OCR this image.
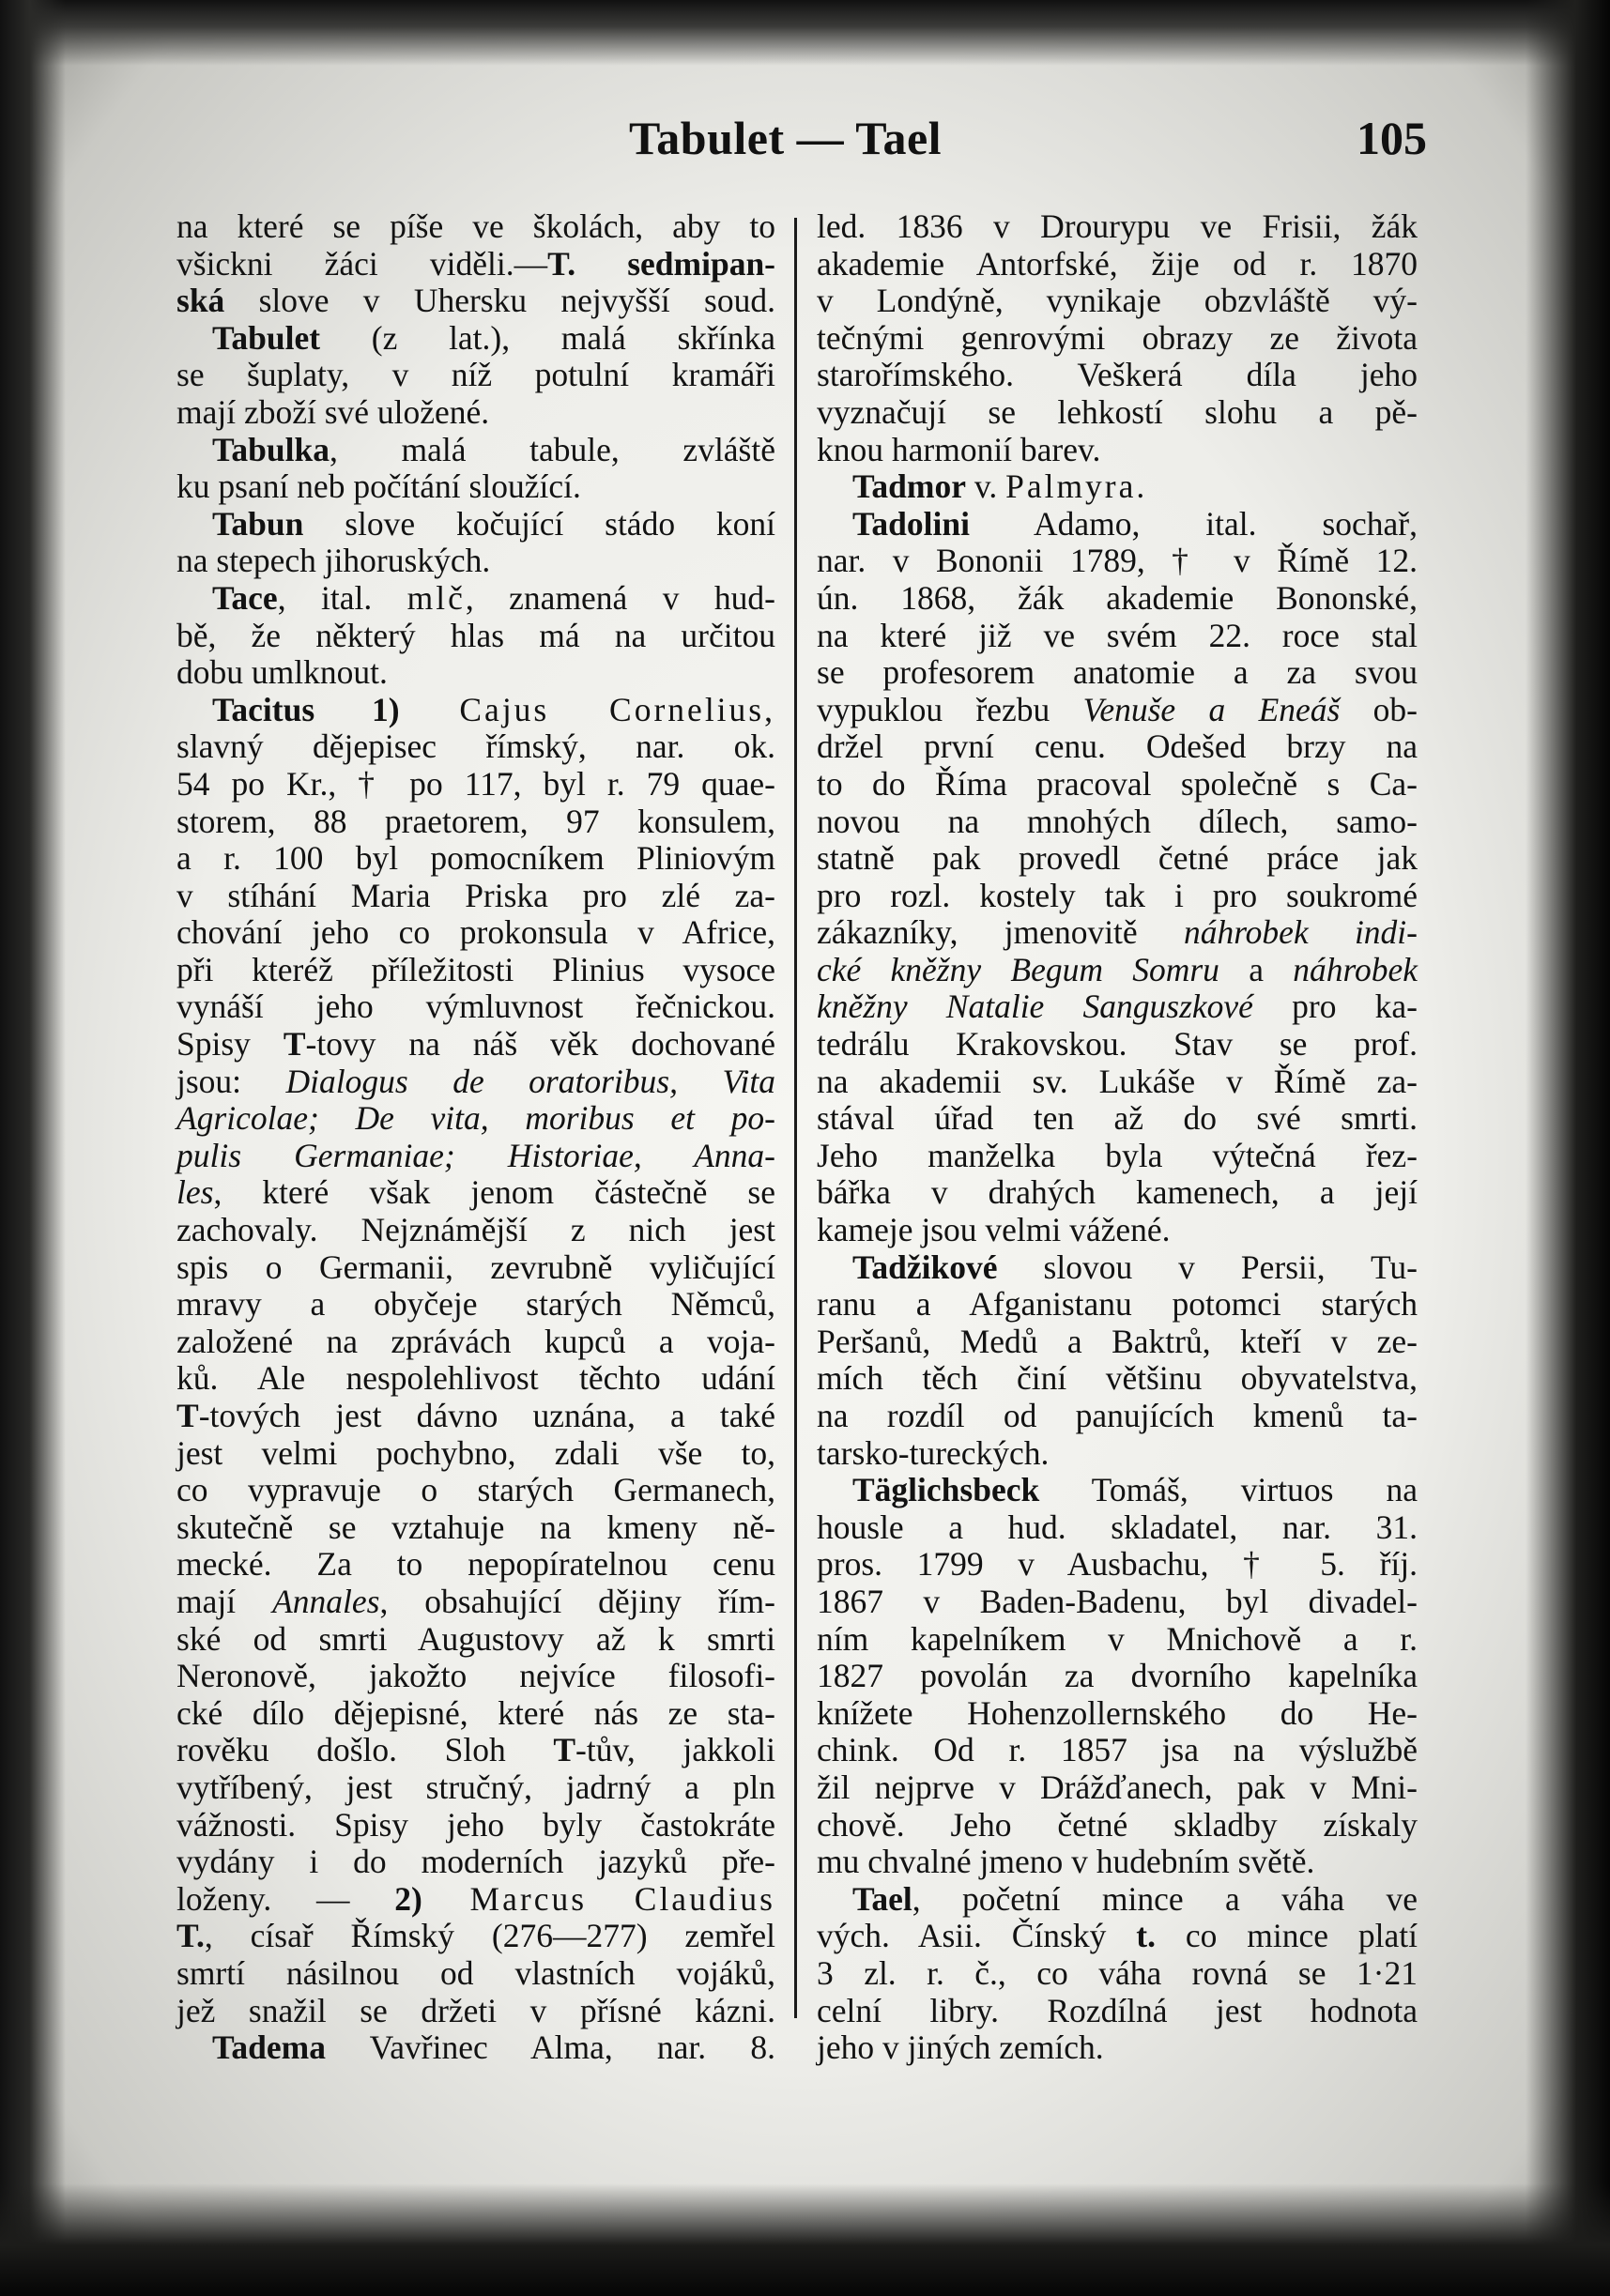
Tabulet — Tael	105
na které se píše ve školách, aby to
všickni žáci viděli.—T. sedmipan-
ská slove v Uhersku nejvyšší soud.
Tabulet (z lat.), malá skřínka
se šuplaty, v níž potulní kramáři
mají zboží své uložené.
Tabulka, malá tabule, zvláště
ku psaní neb počítání sloužící.
Tabun slove kočující stádo koní
na stepech jihoruských.
Tace, ital. mlč, znamená v hud-
bě, že některý hlas má na určitou
dobu umlknout.
Tacitus 1) Cajus Cornelius,
slavný dějepisec římský, nar. ok.
54 po Kr., † po 117, byl r. 79 quae-
storem, 88 praetorem, 97 konsulem,
a r. 100 byl pomocníkem Pliniovým
v stíhání Maria Priska pro zlé za-
chování jeho co prokonsula v Africe,
při kteréž příležitosti Plinius vysoce
vynáší jeho výmluvnost řečnickou.
Spisy T-tovy na náš věk dochované
jsou: Dialogus de oratoribus, Vita
Agricolae; De vita, moribus et po-
pulis Germaniae; Historiae, Anna-
les, které však jenom částečně se
zachovaly. Nejznámější z nich jest
spis o Germanii, zevrubně vyličující
mravy a obyčeje starých Němců,
založené na zprávách kupců a voja-
ků. Ale nespolehlivost těchto udání
T-tových jest dávno uznána, a také
jest velmi pochybno, zdali vše to,
co vypravuje o starých Germanech,
skutečně se vztahuje na kmeny ně-
mecké. Za to nepopíratelnou cenu
mají Annales, obsahující dějiny řím-
ské od smrti Augustovy až k smrti
Neronově, jakožto nejvíce filosofi-
cké dílo dějepisné, které nás ze sta-
rověku došlo. Sloh T-tův, jakkoli
vytříbený, jest stručný, jadrný a pln
vážnosti. Spisy jeho byly častokráte
vydány i do moderních jazyků pře-
loženy. — 2) Marcus Claudius
T., císař Římský (276—277) zemřel
smrtí násilnou od vlastních vojáků,
jež snažil se držeti v přísné kázni.
Tadema Vavřinec Alma, nar. 8.
led. 1836 v Drourypu ve Frisii, žák
akademie Antorfské, žije od r. 1870
v Londýně, vynikaje obzvláště vý-
tečnými genrovými obrazy ze života
starořímského. Veškerá díla jeho
vyznačují se lehkostí slohu a pě-
knou harmonií barev.
Tadmor v. Palmyra.
Tadolini Adamo, ital. sochař,
nar. v Bononii 1789, † v Římě 12.
ún. 1868, žák akademie Bononské,
na které již ve svém 22. roce stal
se profesorem anatomie a za svou
vypuklou řezbu Venuše a Eneáš ob-
držel první cenu. Odešed brzy na
to do Říma pracoval společně s Ca-
novou na mnohých dílech, samo-
statně pak provedl četné práce jak
pro rozl. kostely tak i pro soukromé
zákazníky, jmenovitě náhrobek indi-
cké kněžny Begum Somru a náhrobek
kněžny Natalie Sanguszkové pro ka-
tedrálu Krakovskou. Stav se prof.
na akademii sv. Lukáše v Římě za-
stával úřad ten až do své smrti.
Jeho manželka byla výtečná řez-
bářka v drahých kamenech, a její
kameje jsou velmi vážené.
Tadžikové slovou v Persii, Tu-
ranu a Afganistanu potomci starých
Peršanů, Medů a Baktrů, kteří v ze-
mích těch činí většinu obyvatelstva,
na rozdíl od panujících kmenů ta-
tarsko-tureckých.
Täglichsbeck Tomáš, virtuos na
housle a hud. skladatel, nar. 31.
pros. 1799 v Ausbachu, † 5. říj.
1867 v Baden-Badenu, byl divadel-
ním kapelníkem v Mnichově a r.
1827 povolán za dvorního kapelníka
knížete Hohenzollernského do He-
chink. Od r. 1857 jsa na výslužbě
žil nejprve v Drážďanech, pak v Mni-
chově. Jeho četné skladby získaly
mu chvalné jmeno v hudebním světě.
Tael, početní mince a váha ve
vých. Asii. Čínský t. co mince platí
3 zl. r. č., co váha rovná se 1·21
celní libry. Rozdílná jest hodnota
jeho v jiných zemích.
